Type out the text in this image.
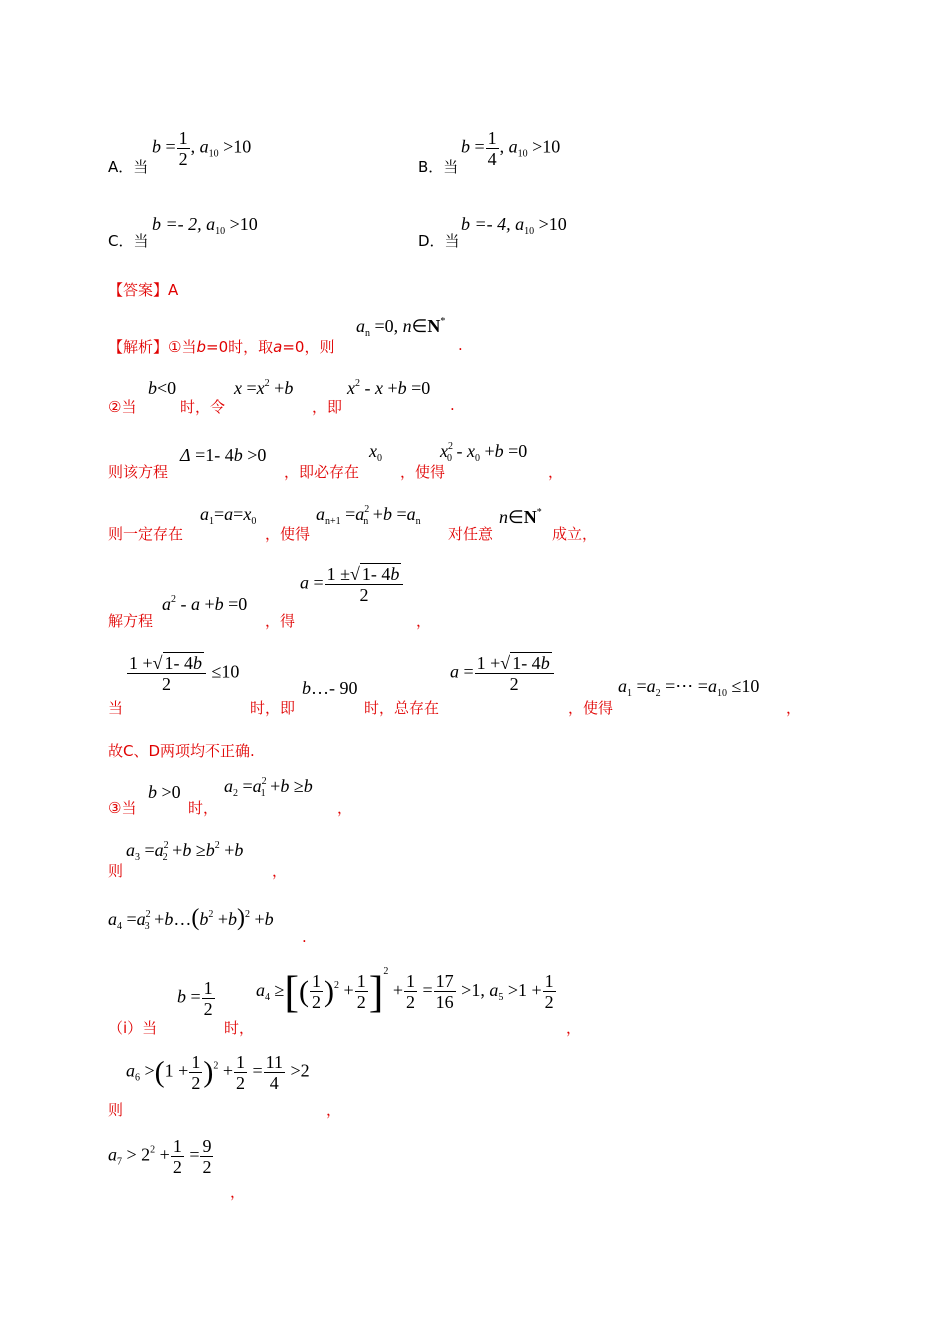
A．当
$b = \frac{1}{2}$ , $a_{10} >10$
B．当
$b = \frac{1}{4}$ , $a_{10} >10$
C．当
b =- 2, $a_{10} >10$
D．当
b =- 4, $a_{10} >10$
【答案】A
【解析】①当b=0时，取a=0，则
$a_n =0$, n∈N*
.
②当
b<0
时，令
$x =x^2 +b$
，即
$x^2 - x +b =0$
.
则该方程
Δ =1- 4b >0
，即必存在
$x_0$
，使得
$x^2_0 - x_0 +b =0$
，
则一定存在
$a_1=a=x_0$
，使得
$a_{n+1} =a^2_n +b =a_n$
对任意
n∈N*
成立，
解方程
$a^2 - a +b =0$
，得
$a = \frac{1 \pm√ 1- 4b}{2}$
，
当
$\frac{1 +√ 1- 4b}{2} \le 10$
时，即
b…- 90
时，总存在
$a = \frac{1 +√ 1- 4b}{2}$
，使得
$a_1 =a_2$ =⋯ $=a_{10} \le 10$
，
故C、D两项均不正确.
③当
b >0
时，
$a_2 =a^2_1 +b \ge b$
，
则
$a_3 =a^2_2 +b \ge b^2 +b$
，
$a_4 =a^2_3$ $+b\dots(b^2 +b)^2 +b$
.
（ⅰ）当
$b = \frac{1}{2}$
时，
$a_4$ ≥[( $\frac{1}{2} )^2 + \frac{1}{2} ]^2 + \frac{1}{2} = \frac{17}{16} >1$, $a_5 >1 + \frac{1}{2}$
，
则
$a_6 >(1 + \frac{1}{2} )^2 + \frac{1}{2} = \frac{11}{4} >2$
，
$a_7 > 2^2 + \frac{1}{2} = \frac{9}{2}$
，
